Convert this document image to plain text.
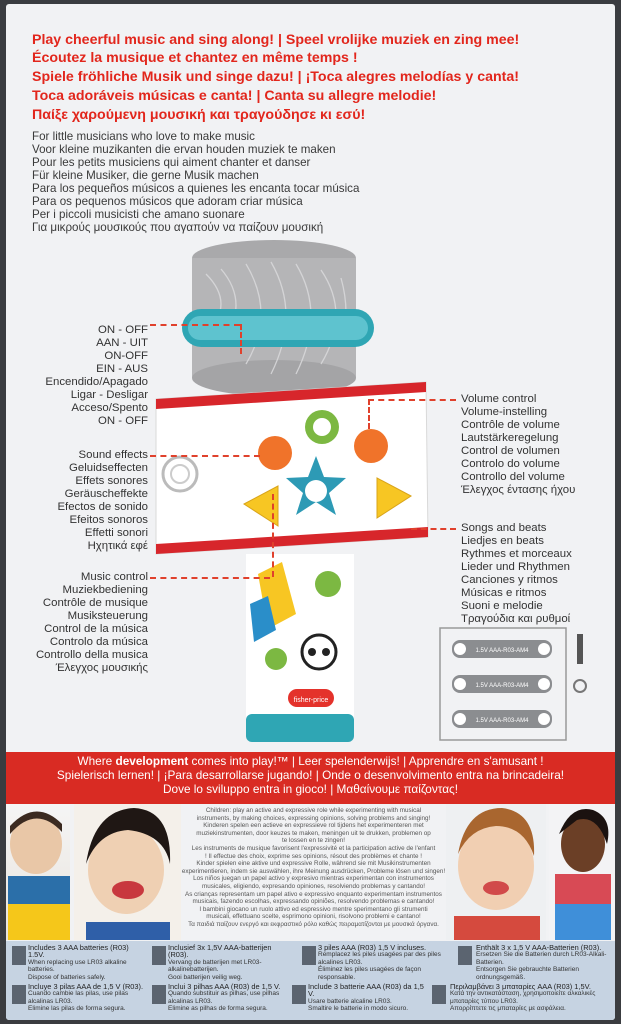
Play cheerful music and sing along! | Speel vrolijke muziek en zing mee!
Écoutez la musique et chantez en même temps !
Spiele fröhliche Musik und singe dazu! | ¡Toca alegres melodías y canta!
Toca adoráveis músicas e canta! | Canta su allegre melodie!
Παίξε χαρούμενη μουσική και τραγούδησε κι εσύ!
For little musicians who love to make music
Voor kleine muzikanten die ervan houden muziek te maken
Pour les petits musiciens qui aiment chanter et danser
Für kleine Musiker, die gerne Musik machen
Para los pequeños músicos a quienes les encanta tocar música
Para os pequenos músicos que adoram criar música
Per i piccoli musicisti che amano suonare
Για μικρούς μουσικούς που αγαπούν να παίζουν μουσική
fisher-price
ON - OFF
AAN - UIT
ON-OFF
EIN - AUS
Encendido/Apagado
Ligar - Desligar
Acceso/Spento
ON - OFF
Sound effects
Geluidseffecten
Effets sonores
Geräuscheffekte
Efectos de sonido
Efeitos sonoros
Effetti sonori
Ηχητικά εφέ
Music control
Muziekbediening
Contrôle de musique
Musiksteuerung
Control de la música
Controlo da música
Controllo della musica
Έλεγχος μουσικής
Volume control
Volume-instelling
Contrôle de volume
Lautstärkeregelung
Control de volumen
Controlo do volume
Controllo del volume
Έλεγχος έντασης ήχου
Songs and beats
Liedjes en beats
Rythmes et morceaux
Lieder und Rhythmen
Canciones y ritmos
Músicas e ritmos
Suoni e melodie
Τραγούδια και ρυθμοί
1.5V AAA-R03-AM4
1.5V AAA-R03-AM4
1.5V AAA-R03-AM4
Where development comes into play!™ | Leer spelenderwijs! | Apprendre en s'amusant !
Spielerisch lernen! | ¡Para desarrollarse jugando! | Onde o desenvolvimento entra na brincadeira!
Dove lo sviluppo entra in gioco! | Μαθαίνουμε παίζοντας!
Children: play an active and expressive role while experimenting with musical
instruments, by making choices, expressing opinions, solving problems and singing!
Kinderen spelen een actieve en expressieve rol tijdens het experimenteren met
muziekinstrumenten, door keuzes te maken, meningen uit te drukken, problemen op
te lossen en te zingen!
Les instruments de musique favorisent l'expressivité et la participation active de l'enfant
! Il effectue des choix, exprime ses opinions, résout des problèmes et chante !
Kinder spielen eine aktive und expressive Rolle, während sie mit Musikinstrumenten
experimentieren, indem sie auswählen, ihre Meinung ausdrücken, Probleme lösen und singen!
Los niños juegan un papel activo y expresivo mientras experimentan con instrumentos
musicales, eligiendo, expresando opiniones, resolviendo problemas y cantando!
As crianças representam um papel ativo e expressivo enquanto experimentam instrumentos
musicais, fazendo escolhas, expressando opiniões, resolvendo problemas e cantando!
I bambini giocano un ruolo attivo ed espressivo mentre sperimentano gli strumenti
musicali, effettuano scelte, esprimono opinioni, risolvono problemi e cantano!
Τα παιδιά παίζουν ενεργό και εκφραστικό ρόλο καθώς πειραματίζονται με μουσικά όργανα.
Includes 3 AAA batteries (R03) 1.5V.
When replacing use LR03 alkaline batteries.
Dispose of batteries safely.
Inclusief 3x 1,5V AAA-batterijen (R03).
Vervang de batterijen met LR03-alkalinebatterijen.
Gooi batterijen veilig weg.
3 piles AAA (R03) 1,5 V incluses.
Remplacez les piles usagées par des piles alcalines LR03.
Éliminez les piles usagées de façon responsable.
Enthält 3 x 1,5 V AAA-Batterien (R03).
Ersetzen Sie die Batterien durch LR03-Alkali-Batterien.
Entsorgen Sie gebrauchte Batterien ordnungsgemäß.
Incluye 3 pilas AAA de 1,5 V (R03).
Cuando cambie las pilas, use pilas alcalinas LR03.
Elimine las pilas de forma segura.
Inclui 3 pilhas AAA (R03) de 1,5 V.
Quando substituir as pilhas, use pilhas alcalinas LR03.
Elimine as pilhas de forma segura.
Include 3 batterie AAA (R03) da 1,5 V.
Usare batterie alcaline LR03.
Smaltire le batterie in modo sicuro.
Περιλαμβάνει 3 μπαταρίες AAA (R03) 1,5V.
Κατά την αντικατάσταση, χρησιμοποιείτε αλκαλικές μπαταρίες τύπου LR03.
Απορρίπτετε τις μπαταρίες με ασφάλεια.
